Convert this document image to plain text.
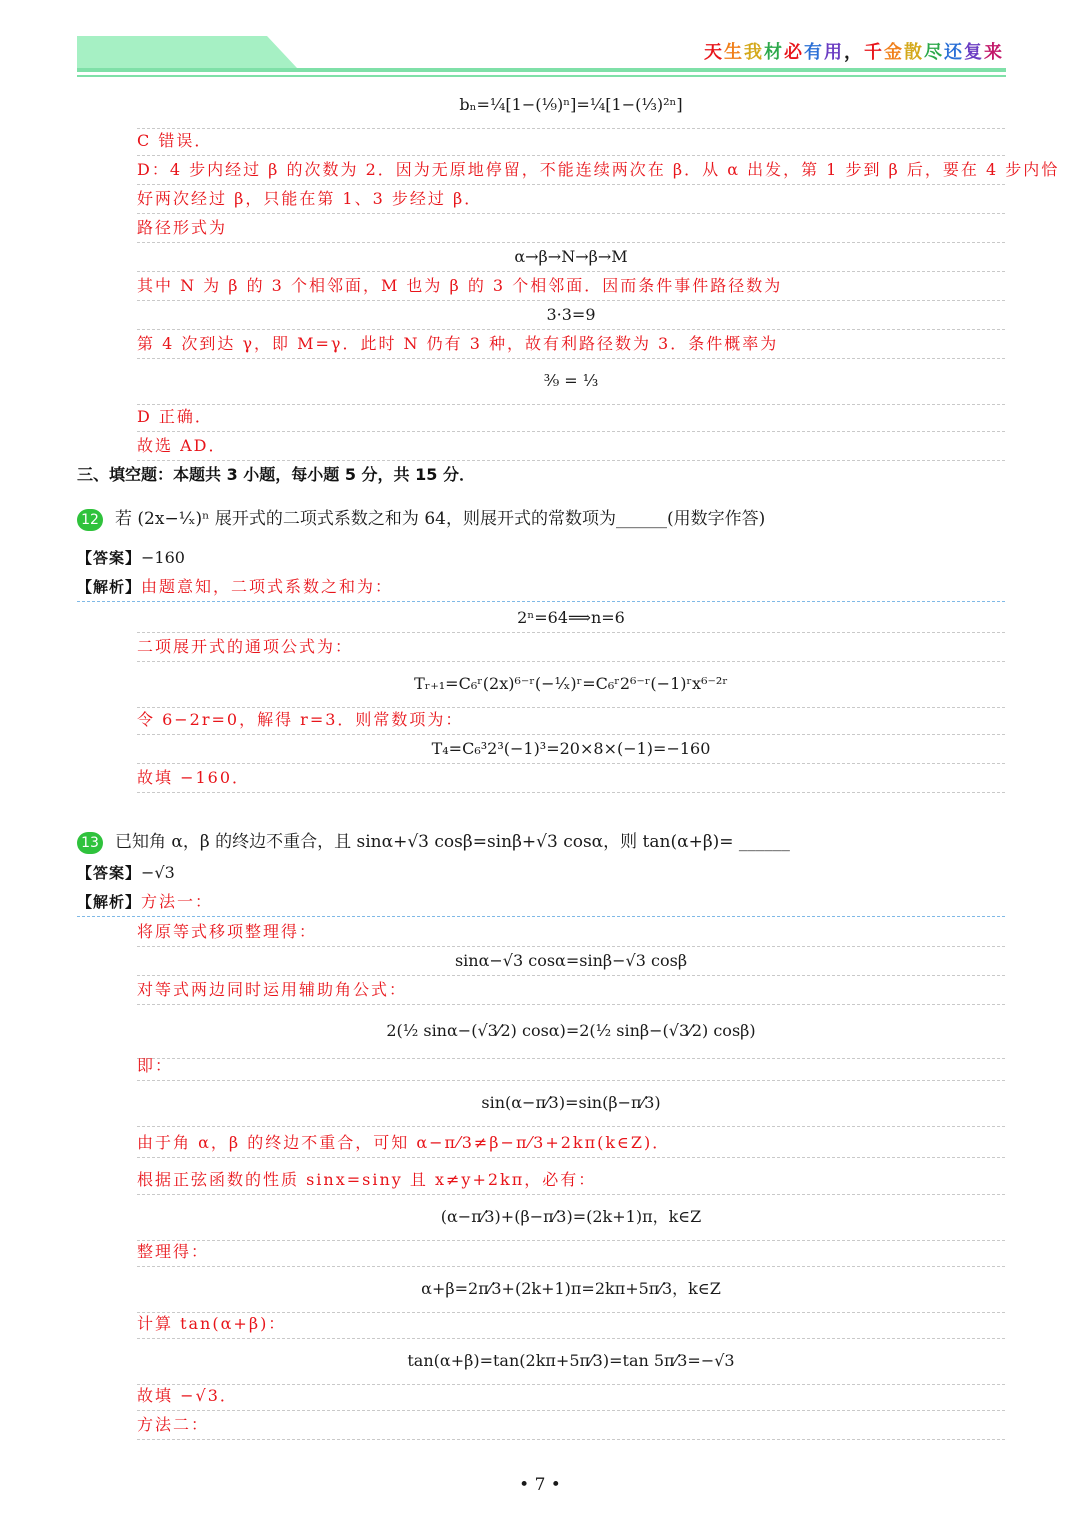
天生我材必有用，千金散尽还复来
bₙ=¹⁄₄[1−(¹⁄₉)ⁿ]=¹⁄₄[1−(¹⁄₃)²ⁿ]
C 错误．
D：4 步内经过 β 的次数为 2．因为无原地停留，不能连续两次在 β．从 α 出发，第 1 步到 β 后，要在 4 步内恰
好两次经过 β，只能在第 1、3 步经过 β．
路径形式为
α→β→N→β→M
其中 N 为 β 的 3 个相邻面，M 也为 β 的 3 个相邻面．因而条件事件路径数为
3·3=9
第 4 次到达 γ，即 M=γ．此时 N 仍有 3 种，故有利路径数为 3．条件概率为
³⁄₉ = ¹⁄₃
D 正确．
故选 AD．
三、填空题：本题共 3 小题，每小题 5 分，共 15 分．
12 若 (2x−¹⁄ₓ)ⁿ 展开式的二项式系数之和为 64，则展开式的常数项为______(用数字作答)
【答案】−160
【解析】由题意知，二项式系数之和为：
2ⁿ=64⟹n=6
二项展开式的通项公式为：
Tᵣ₊₁=C₆ʳ(2x)⁶⁻ʳ(−¹⁄ₓ)ʳ=C₆ʳ2⁶⁻ʳ(−1)ʳx⁶⁻²ʳ
令 6−2r=0，解得 r=3．则常数项为：
T₄=C₆³2³(−1)³=20×8×(−1)=−160
故填 −160．
13 已知角 α，β 的终边不重合，且 sinα+√3 cosβ=sinβ+√3 cosα，则 tan(α+β)= ______
【答案】−√3
【解析】方法一：
将原等式移项整理得：
sinα−√3 cosα=sinβ−√3 cosβ
对等式两边同时运用辅助角公式：
2(¹⁄₂ sinα−(√3⁄2) cosα)=2(¹⁄₂ sinβ−(√3⁄2) cosβ)
即：
sin(α−π⁄3)=sin(β−π⁄3)
由于角 α，β 的终边不重合，可知 α−π⁄3≠β−π⁄3+2kπ(k∈Z)．
根据正弦函数的性质 sinx=siny 且 x≠y+2kπ，必有：
(α−π⁄3)+(β−π⁄3)=(2k+1)π，k∈Z
整理得：
α+β=2π⁄3+(2k+1)π=2kπ+5π⁄3，k∈Z
计算 tan(α+β)：
tan(α+β)=tan(2kπ+5π⁄3)=tan 5π⁄3=−√3
故填 −√3．
方法二：
• 7 •
